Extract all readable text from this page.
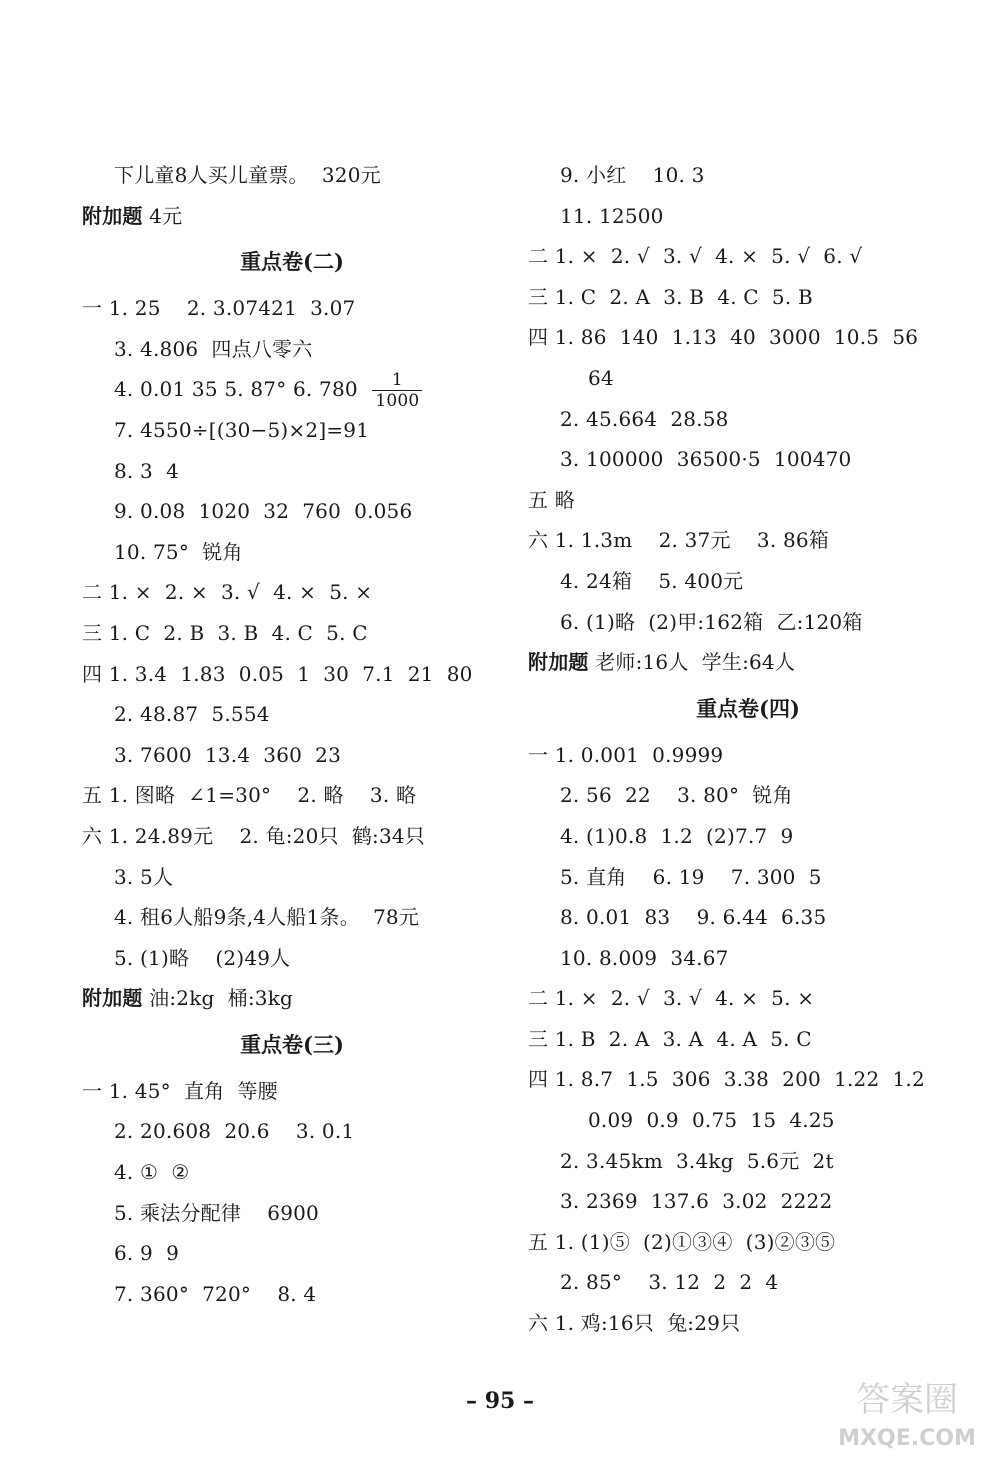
下儿童8人买儿童票。  320元
附加题 4元
重点卷(二)
一 1. 25    2. 3.07421  3.07
3. 4.806  四点八零六
4. 0.01 35 5. 87° 6. $780 \frac{1}{1000}$
7. 4550÷[(30−5)×2]=91
8. 3  4
9. 0.08  1020  32  760  0.056
10. 75°  锐角
二 1. ×  2. ×  3. √  4. ×  5. ×
三 1. C  2. B  3. B  4. C  5. C
四 1. 3.4  1.83  0.05  1  30  7.1  21  80
2. 48.87  5.554
3. 7600  13.4  360  23
五 1. 图略  ∠1=30°    2. 略    3. 略
六 1. 24.89元    2. 龟:20只  鹤:34只
3. 5人
4. 租6人船9条,4人船1条。  78元
5. (1)略    (2)49人
附加题 油:2kg  桶:3kg
重点卷(三)
一 1. 45°  直角  等腰
2. 20.608  20.6    3. 0.1
4. ①  ②
5. 乘法分配律    6900
6. 9  9
7. 360°  720°    8. 4
9. 小红    10. 3
11. 12500
二 1. ×  2. √  3. √  4. ×  5. √  6. √
三 1. C  2. A  3. B  4. C  5. B
四 1. 86  140  1.13  40  3000  10.5  56
64
2. 45.664  28.58
3. 100000  36500·5  100470
五 略
六 1. 1.3m    2. 37元    3. 86箱
4. 24箱    5. 400元
6. (1)略  (2)甲:162箱  乙:120箱
附加题 老师:16人  学生:64人
重点卷(四)
一 1. 0.001  0.9999
2. 56  22    3. 80°  锐角
4. (1)0.8  1.2  (2)7.7  9
5. 直角    6. 19    7. 300  5
8. 0.01  83    9. 6.44  6.35
10. 8.009  34.67
二 1. ×  2. √  3. √  4. ×  5. ×
三 1. B  2. A  3. A  4. A  5. C
四 1. 8.7  1.5  306  3.38  200  1.22  1.2
0.09  0.9  0.75  15  4.25
2. 3.45km  3.4kg  5.6元  2t
3. 2369  137.6  3.02  2222
五 1. (1)⑤  (2)①③④  (3)②③⑤
2. 85°    3. 12  2  2  4
六 1. 鸡:16只  兔:29只
– 95 –	答案圈
MXQE.COM
